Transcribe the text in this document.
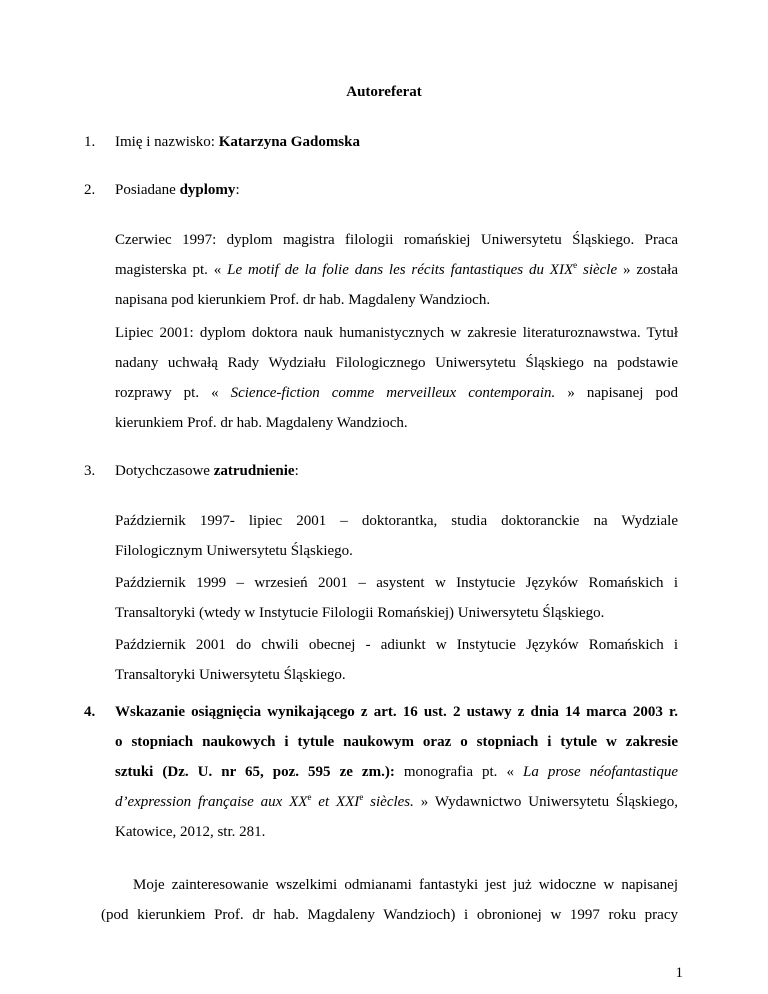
Autoreferat
1. Imię i nazwisko: Katarzyna Gadomska
2. Posiadane dyplomy:
Czerwiec 1997: dyplom magistra filologii romańskiej Uniwersytetu Śląskiego. Praca
magisterska pt. « Le motif de la folie dans les récits fantastiques du XIXe siècle » została
napisana pod kierunkiem Prof. dr hab. Magdaleny Wandzioch.
Lipiec 2001: dyplom doktora nauk humanistycznych w zakresie literaturoznawstwa. Tytuł
nadany uchwałą Rady Wydziału Filologicznego Uniwersytetu Śląskiego na podstawie
rozprawy pt. « Science-fiction comme merveilleux contemporain. » napisanej pod
kierunkiem Prof. dr hab. Magdaleny Wandzioch.
3. Dotychczasowe zatrudnienie:
Październik 1997- lipiec 2001 – doktorantka, studia doktoranckie na Wydziale
Filologicznym Uniwersytetu Śląskiego.
Październik 1999 – wrzesień 2001 – asystent w Instytucie Języków Romańskich i
Transaltoryki (wtedy w Instytucie Filologii Romańskiej) Uniwersytetu Śląskiego.
Październik 2001 do chwili obecnej - adiunkt w Instytucie Języków Romańskich i
Transaltoryki Uniwersytetu Śląskiego.
4. Wskazanie osiągnięcia wynikającego z art. 16 ust. 2 ustawy z dnia 14 marca 2003 r.
o stopniach naukowych i tytule naukowym oraz o stopniach i tytule w zakresie
sztuki (Dz. U. nr 65, poz. 595 ze zm.): monografia pt. « La prose néofantastique
d’expression française aux XXe et XXIe siècles. » Wydawnictwo Uniwersytetu Śląskiego,
Katowice, 2012, str. 281.
Moje zainteresowanie wszelkimi odmianami fantastyki jest już widoczne w napisanej
(pod kierunkiem Prof. dr hab. Magdaleny Wandzioch) i obronionej w 1997 roku pracy
1
